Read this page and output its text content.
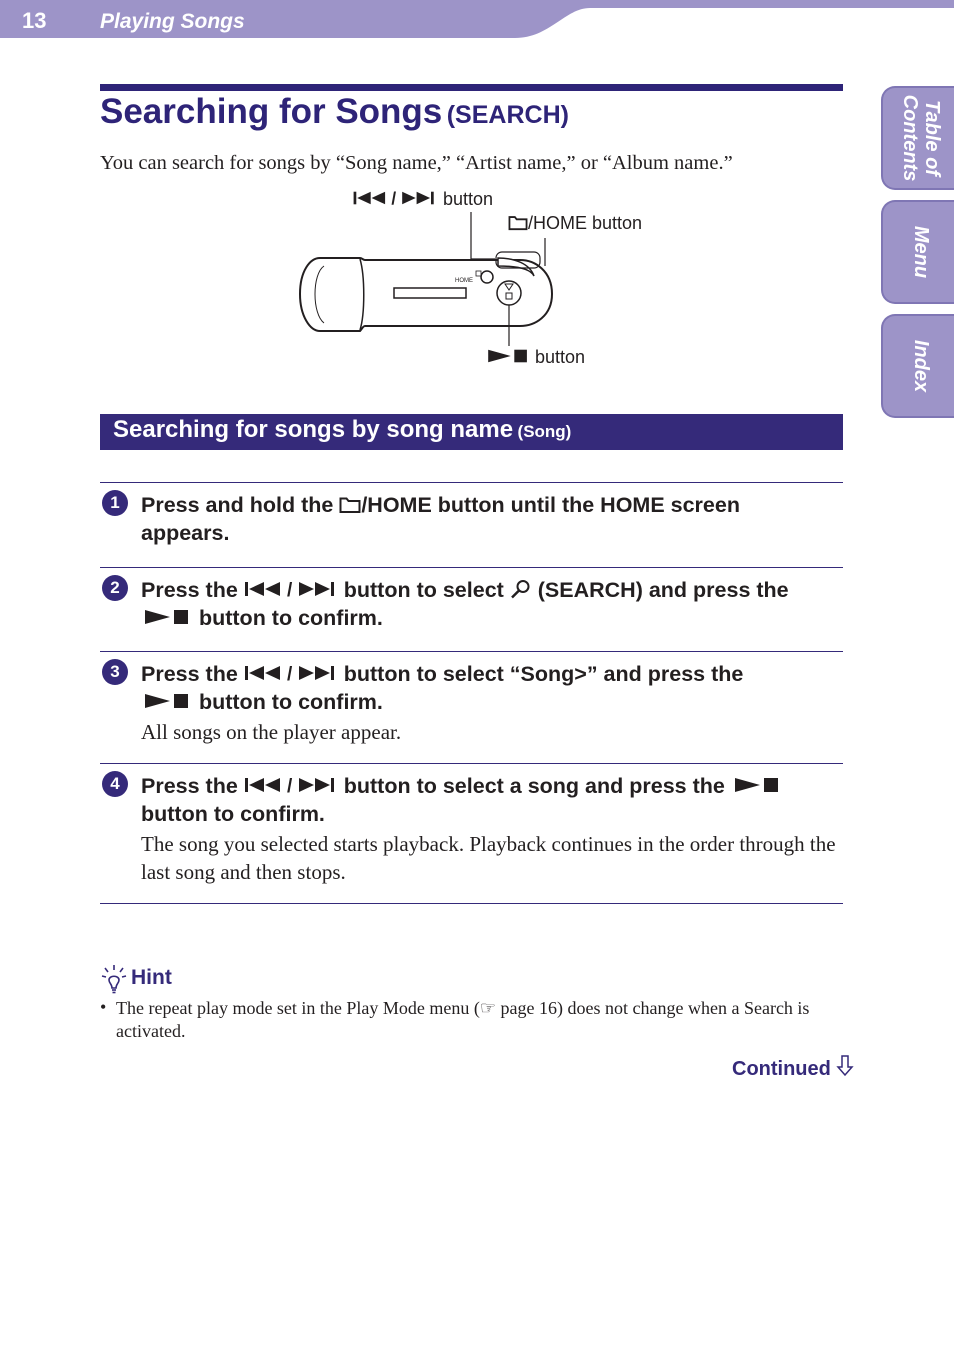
13	Playing Songs
Table of
Contents
Menu
Index
Searching for Songs (SEARCH)
You can search for songs by “Song name,” “Artist name,” or “Album name.”
HOME
button
/HOME button
button
Searching for songs by song name (Song)
1 Press and hold the /HOME button until the HOME screen
appears.
2 Press the	button to select  (SEARCH) and press the
button to confirm.
3 Press the	button to select “Song>” and press the
button to confirm.
All songs on the player appear.
4 Press the	button to select a song and press the
button to confirm.
The song you selected starts playback. Playback continues in the order through the last song and then stops.
Hint
• The repeat play mode set in the Play Mode menu (☞ page 16) does not change when a Search is activated.
Continued
